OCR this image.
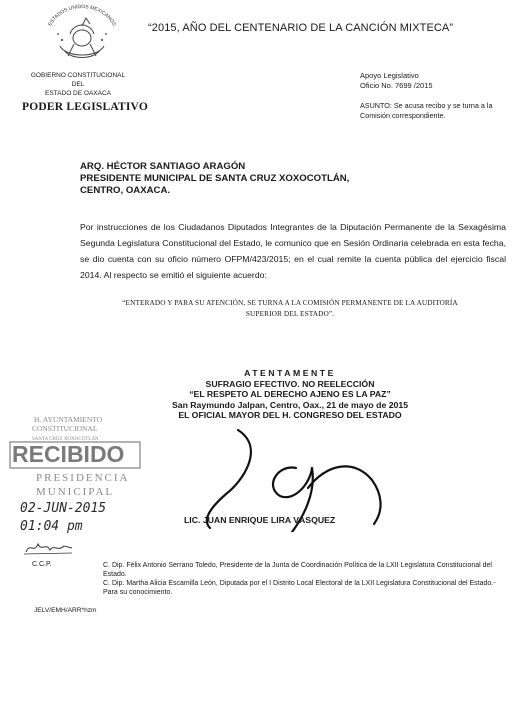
ESTADOS UNIDOS MEXICANOS	“2015, AÑO DEL CENTENARIO DE LA CANCIÓN MIXTECA”
GOBIERNO CONSTITUCIONAL
DEL
ESTADO DE OAXACA
PODER LEGISLATIVO
Apoyo Legislativo
Oficio No. 7699 /2015
ASUNTO: Se acusa recibo y se turna a la Comisión correspondiente.
ARQ. HÉCTOR SANTIAGO ARAGÓN
PRESIDENTE MUNICIPAL DE SANTA CRUZ XOXOCOTLÁN,
CENTRO, OAXACA.
Por instrucciones de los Ciudadanos Diputados Integrantes de la Diputación Permanente de la Sexagésima Segunda Legislatura Constitucional del Estado, le comunico que en Sesión Ordinaria celebrada en esta fecha, se dio cuenta con su oficio número OFPM/423/2015; en el cual remite la cuenta pública del ejercicio fiscal 2014. Al respecto se emitió el siguiente acuerdo:
“ENTERADO Y PARA SU ATENCIÓN, SE TURNA A LA COMISIÓN PERMANENTE DE LA AUDITORÍA SUPERIOR DEL ESTADO”.
H. AYUNTAMIENTO
CONSTITUCIONAL
SANTA CRUZ XOXOCOTLÁN
RECIBIDO
PRESIDENCIA
MUNICIPAL
02-JUN-2015
01:04 pm
ATENTAMENTE
SUFRAGIO EFECTIVO. NO REELECCIÓN
“EL RESPETO AL DERECHO AJENO ES LA PAZ”
San Raymundo Jalpan, Centro, Oax., 21 de mayo de 2015
EL OFICIAL MAYOR DEL H. CONGRESO DEL ESTADO
LIC. JUAN ENRIQUE LIRA VÁSQUEZ
C.C.P.	C. Dip. Félix Antonio Serrano Toledo, Presidente de la Junta de Coordinación Política de la LXII Legislatura Constitucional del Estado.

C. Dip. Martha Alicia Escamilla León, Diputada por el I Distrito Local Electoral de la LXII Legislatura Constitucional del Estado.- Para su conocimiento.

JELV/EMH/ARR*hzm
